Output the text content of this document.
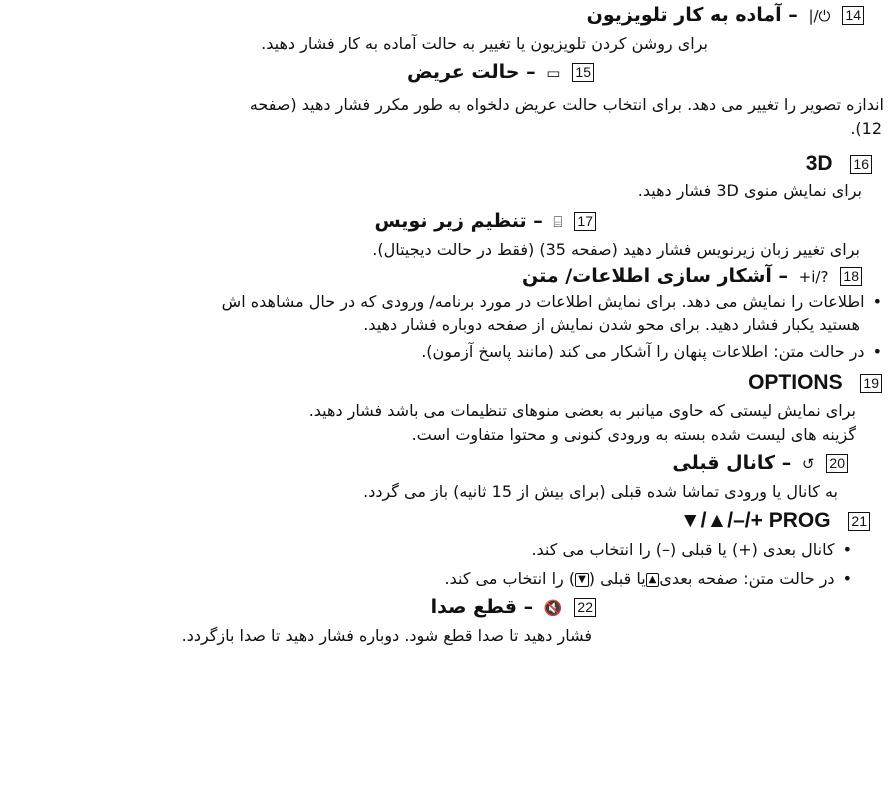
14⏻/| – آماده به کار تلویزیون
برای روشن کردن تلویزیون یا تغییر به حالت آماده به کار فشار دهید.
15▭ – حالت عریض
اندازه تصویر را تغییر می دهد. برای انتخاب حالت عریض دلخواه به طور مکرر فشار دهید (صفحه
12).
16 3D
برای نمایش منوی 3D فشار دهید.
17⌸ – تنظیم زیر نویس
برای تغییر زبان زیرنویس فشار دهید (صفحه 35) (فقط در حالت دیجیتال).
18?/i+ – آشکار سازی اطلاعات/ متن
•اطلاعات را نمایش می دهد. برای نمایش اطلاعات در مورد برنامه/ ورودی که در حال مشاهده اش
هستید یکبار فشار دهید. برای محو شدن نمایش از صفحه دوباره فشار دهید.
•در حالت متن: اطلاعات پنهان را آشکار می کند (مانند پاسخ آزمون).
19 OPTIONS
برای نمایش لیستی که حاوی میانبر به بعضی منوهای تنظیمات می باشد فشار دهید.
گزینه های لیست شده بسته به ورودی کنونی و محتوا متفاوت است.
20↺ – کانال قبلی
به کانال یا ورودی تماشا شده قبلی (برای بیش از 15 ثانیه) باز می گردد.
21 PROG +/–/▲/▼
•کانال بعدی (+) یا قبلی (–) را انتخاب می کند.
•در حالت متن: صفحه بعدی▲یا قبلی (▼) را انتخاب می کند.
22🔇 – قطع صدا
فشار دهید تا صدا قطع شود. دوباره فشار دهید تا صدا بازگردد.
